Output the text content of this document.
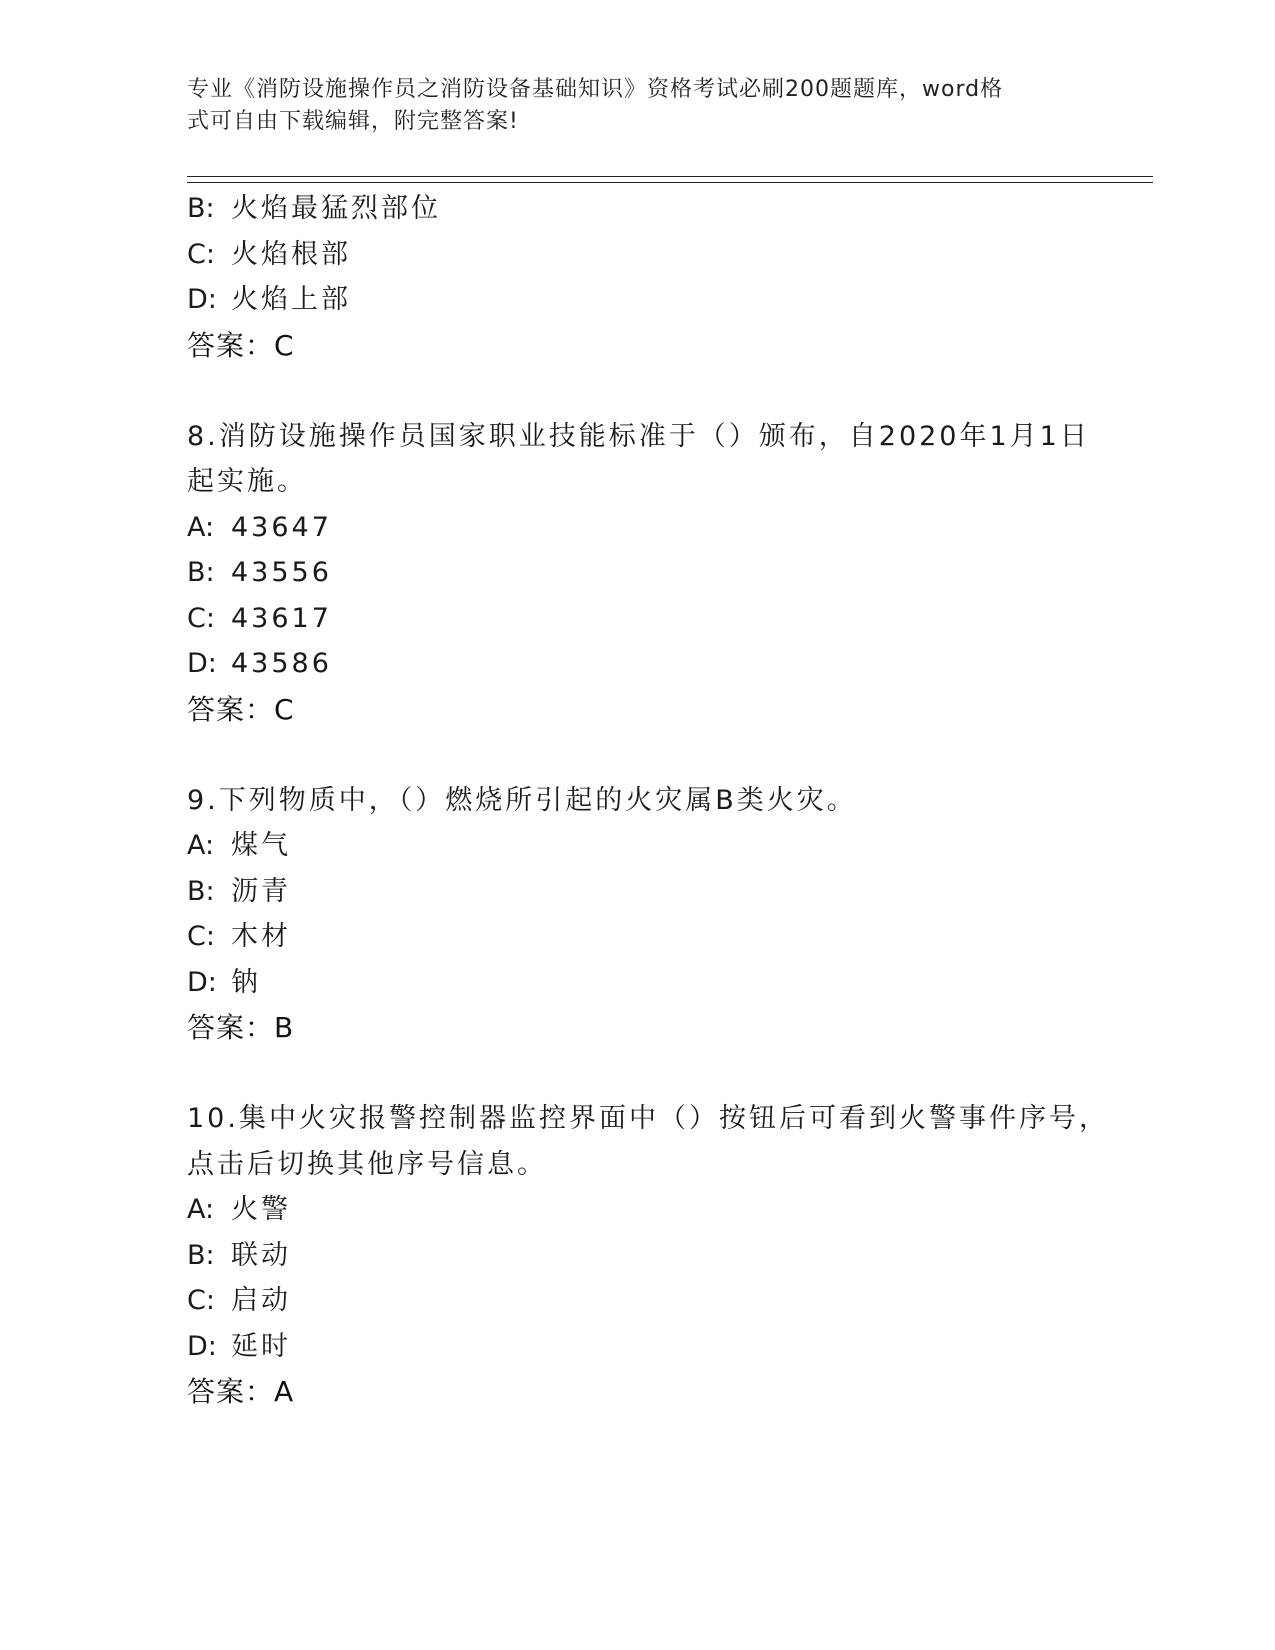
专业《消防设施操作员之消防设备基础知识》资格考试必刷200题题库，word格
式可自由下载编辑，附完整答案!
B: 火焰最猛烈部位
C: 火焰根部
D: 火焰上部
答案：C
8.消防设施操作员国家职业技能标准于（）颁布，自2020年1月1日
起实施。
A: 43647
B: 43556
C: 43617
D: 43586
答案：C
9.下列物质中，（）燃烧所引起的火灾属B类火灾。
A: 煤气
B: 沥青
C: 木材
D: 钠
答案：B
10.集中火灾报警控制器监控界面中（）按钮后可看到火警事件序号，
点击后切换其他序号信息。
A: 火警
B: 联动
C: 启动
D: 延时
答案：A
